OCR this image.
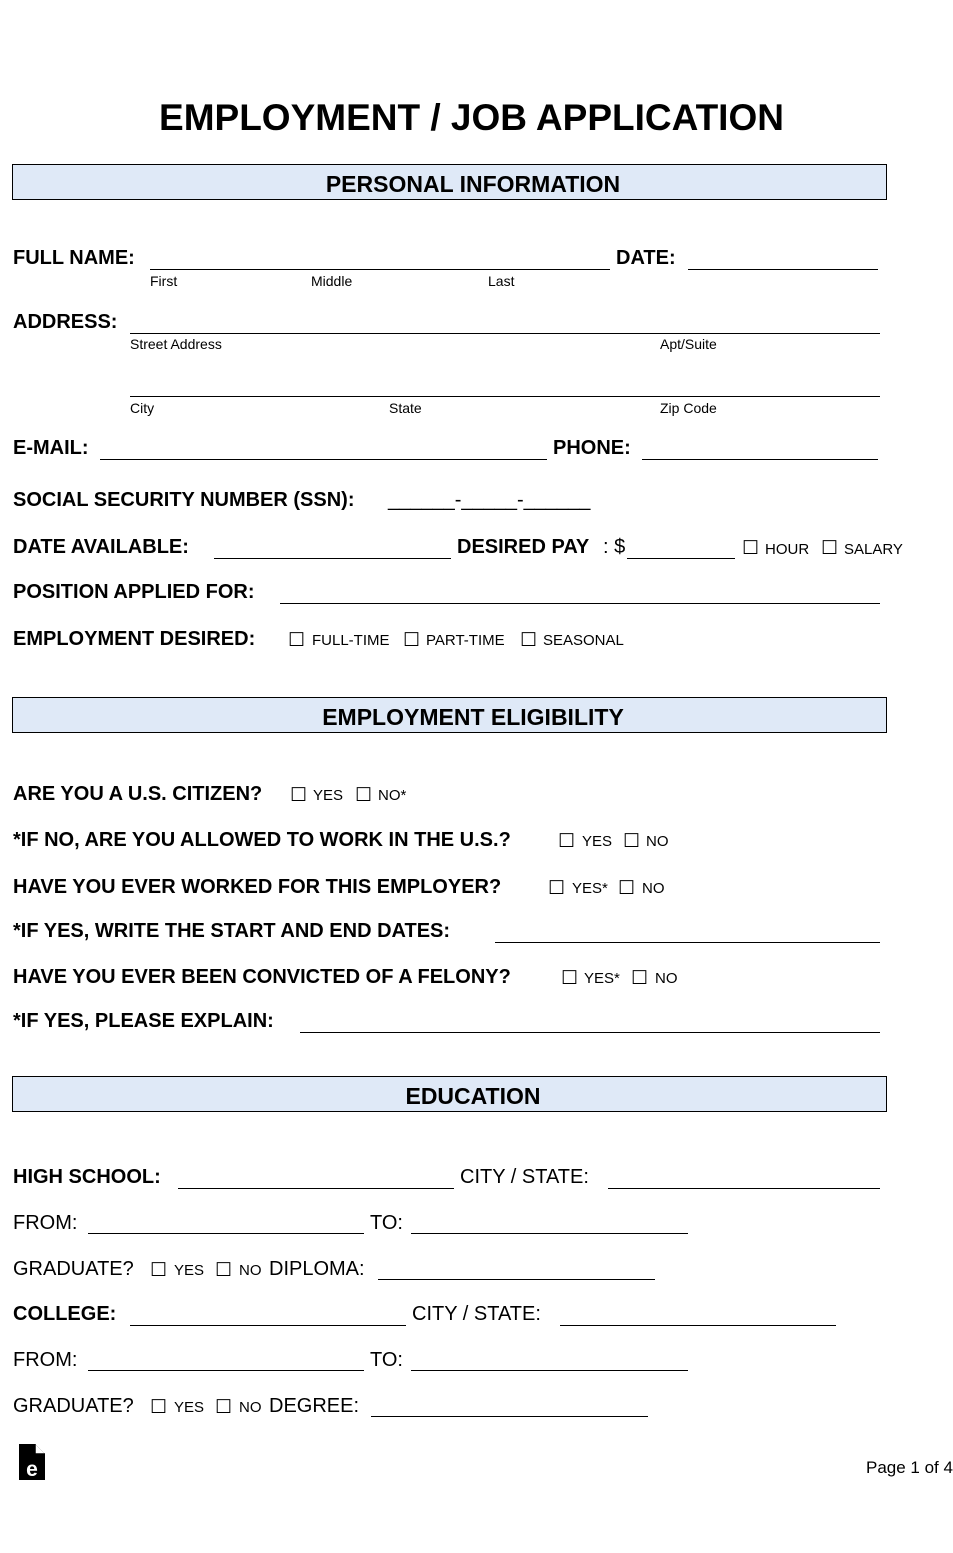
EMPLOYMENT / JOB APPLICATION
PERSONAL INFORMATION
FULL NAME:
First	Middle	Last
DATE:
ADDRESS:
Street Address	Apt/Suite
City	State	Zip Code
E-MAIL:	PHONE:
SOCIAL SECURITY NUMBER (SSN): ______-_____-______
DATE AVAILABLE:	DESIRED PAY : $	☐ HOUR ☐ SALARY
POSITION APPLIED FOR:
EMPLOYMENT DESIRED: ☐ FULL-TIME ☐ PART-TIME ☐ SEASONAL
EMPLOYMENT ELIGIBILITY
ARE YOU A U.S. CITIZEN? ☐ YES ☐ NO*
*IF NO, ARE YOU ALLOWED TO WORK IN THE U.S.? ☐ YES ☐ NO
HAVE YOU EVER WORKED FOR THIS EMPLOYER? ☐ YES* ☐ NO
*IF YES, WRITE THE START AND END DATES:
HAVE YOU EVER BEEN CONVICTED OF A FELONY?	☐ YES* ☐ NO
*IF YES, PLEASE EXPLAIN:
EDUCATION
HIGH SCHOOL:	CITY / STATE:
FROM:	TO:
GRADUATE? ☐ YES ☐ NO DIPLOMA:
COLLEGE:	CITY / STATE:
FROM:	TO:
GRADUATE? ☐ YES ☐ NO DEGREE:
e	Page 1 of 4
